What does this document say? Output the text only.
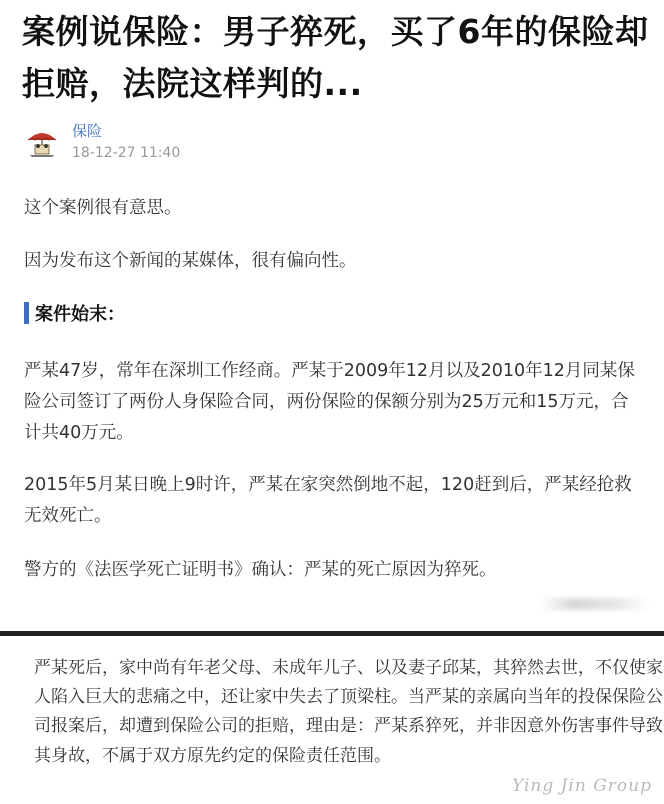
案例说保险：男子猝死，买了6年的保险却拒赔，法院这样判的...
保险
18-12-27 11:40

这个案例很有意思。

因为发布这个新闻的某媒体，很有偏向性。

案件始末：

严某47岁，常年在深圳工作经商。严某于2009年12月以及2010年12月同某保险公司签订了两份人身保险合同，两份保险的保额分别为25万元和15万元，合计共40万元。

2015年5月某日晚上9时许，严某在家突然倒地不起，120赶到后，严某经抢救无效死亡。

警方的《法医学死亡证明书》确认：严某的死亡原因为猝死。

严某死后，家中尚有年老父母、未成年儿子、以及妻子邱某，其猝然去世，不仅使家人陷入巨大的悲痛之中，还让家中失去了顶梁柱。当严某的亲属向当年的投保保险公司报案后，却遭到保险公司的拒赔，理由是：严某系猝死，并非因意外伤害事件导致其身故，不属于双方原先约定的保险责任范围。

Ying Jin Group
